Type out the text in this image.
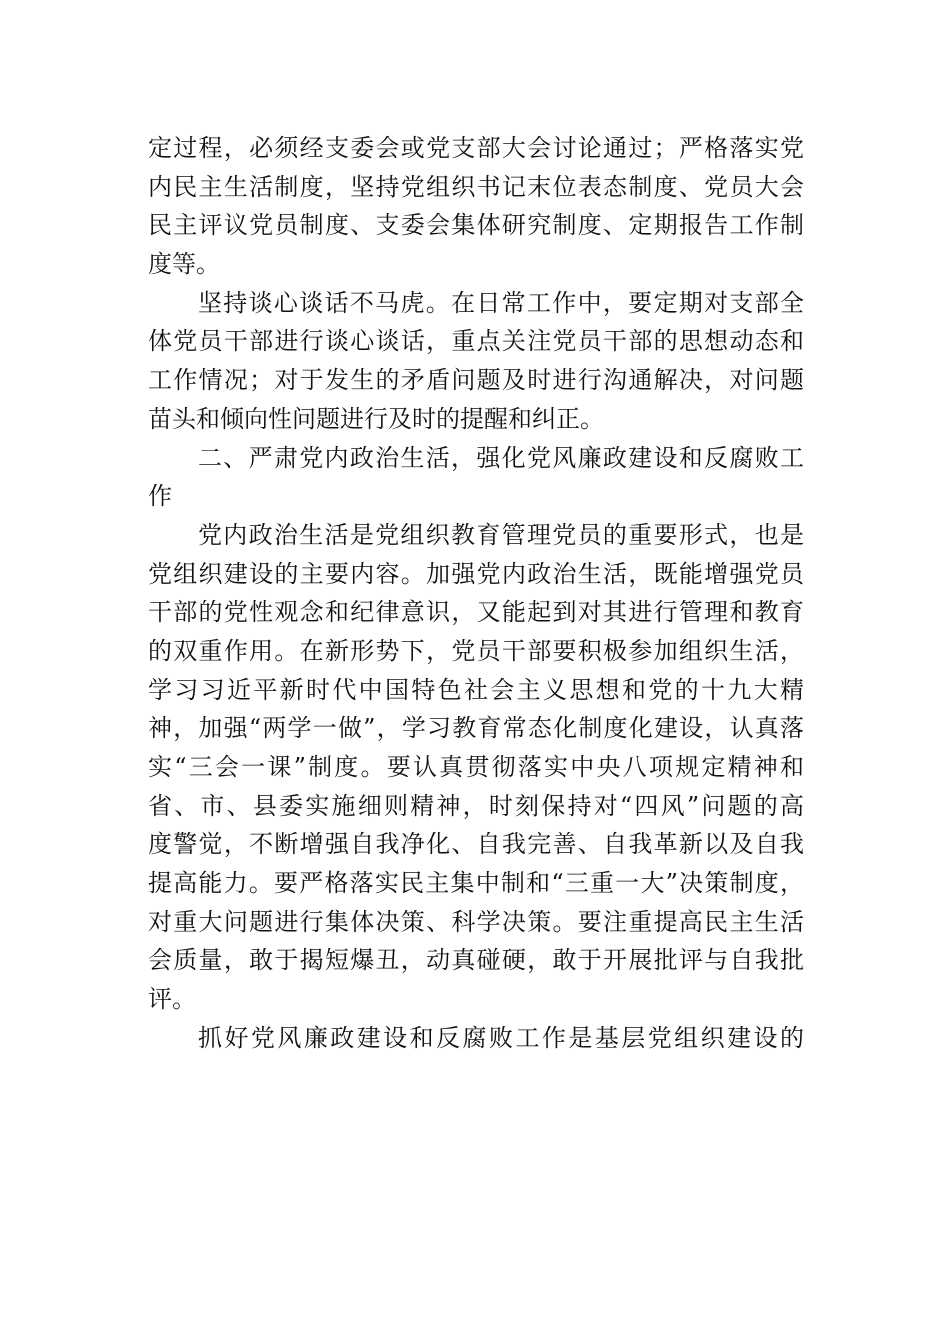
定过程，必须经支委会或党支部大会讨论通过；严格落实党
内民主生活制度，坚持党组织书记末位表态制度、党员大会
民主评议党员制度、支委会集体研究制度、定期报告工作制
度等。
坚持谈心谈话不马虎。在日常工作中，要定期对支部全
体党员干部进行谈心谈话，重点关注党员干部的思想动态和
工作情况；对于发生的矛盾问题及时进行沟通解决，对问题
苗头和倾向性问题进行及时的提醒和纠正。
二、严肃党内政治生活，强化党风廉政建设和反腐败工
作
党内政治生活是党组织教育管理党员的重要形式，也是
党组织建设的主要内容。加强党内政治生活，既能增强党员
干部的党性观念和纪律意识，又能起到对其进行管理和教育
的双重作用。在新形势下，党员干部要积极参加组织生活，
学习习近平新时代中国特色社会主义思想和党的十九大精
神，加强“两学一做”，学习教育常态化制度化建设，认真落
实“三会一课”制度。要认真贯彻落实中央八项规定精神和
省、市、县委实施细则精神，时刻保持对“四风”问题的高
度警觉，不断增强自我净化、自我完善、自我革新以及自我
提高能力。要严格落实民主集中制和“三重一大”决策制度，
对重大问题进行集体决策、科学决策。要注重提高民主生活
会质量，敢于揭短爆丑，动真碰硬，敢于开展批评与自我批
评。
抓好党风廉政建设和反腐败工作是基层党组织建设的
